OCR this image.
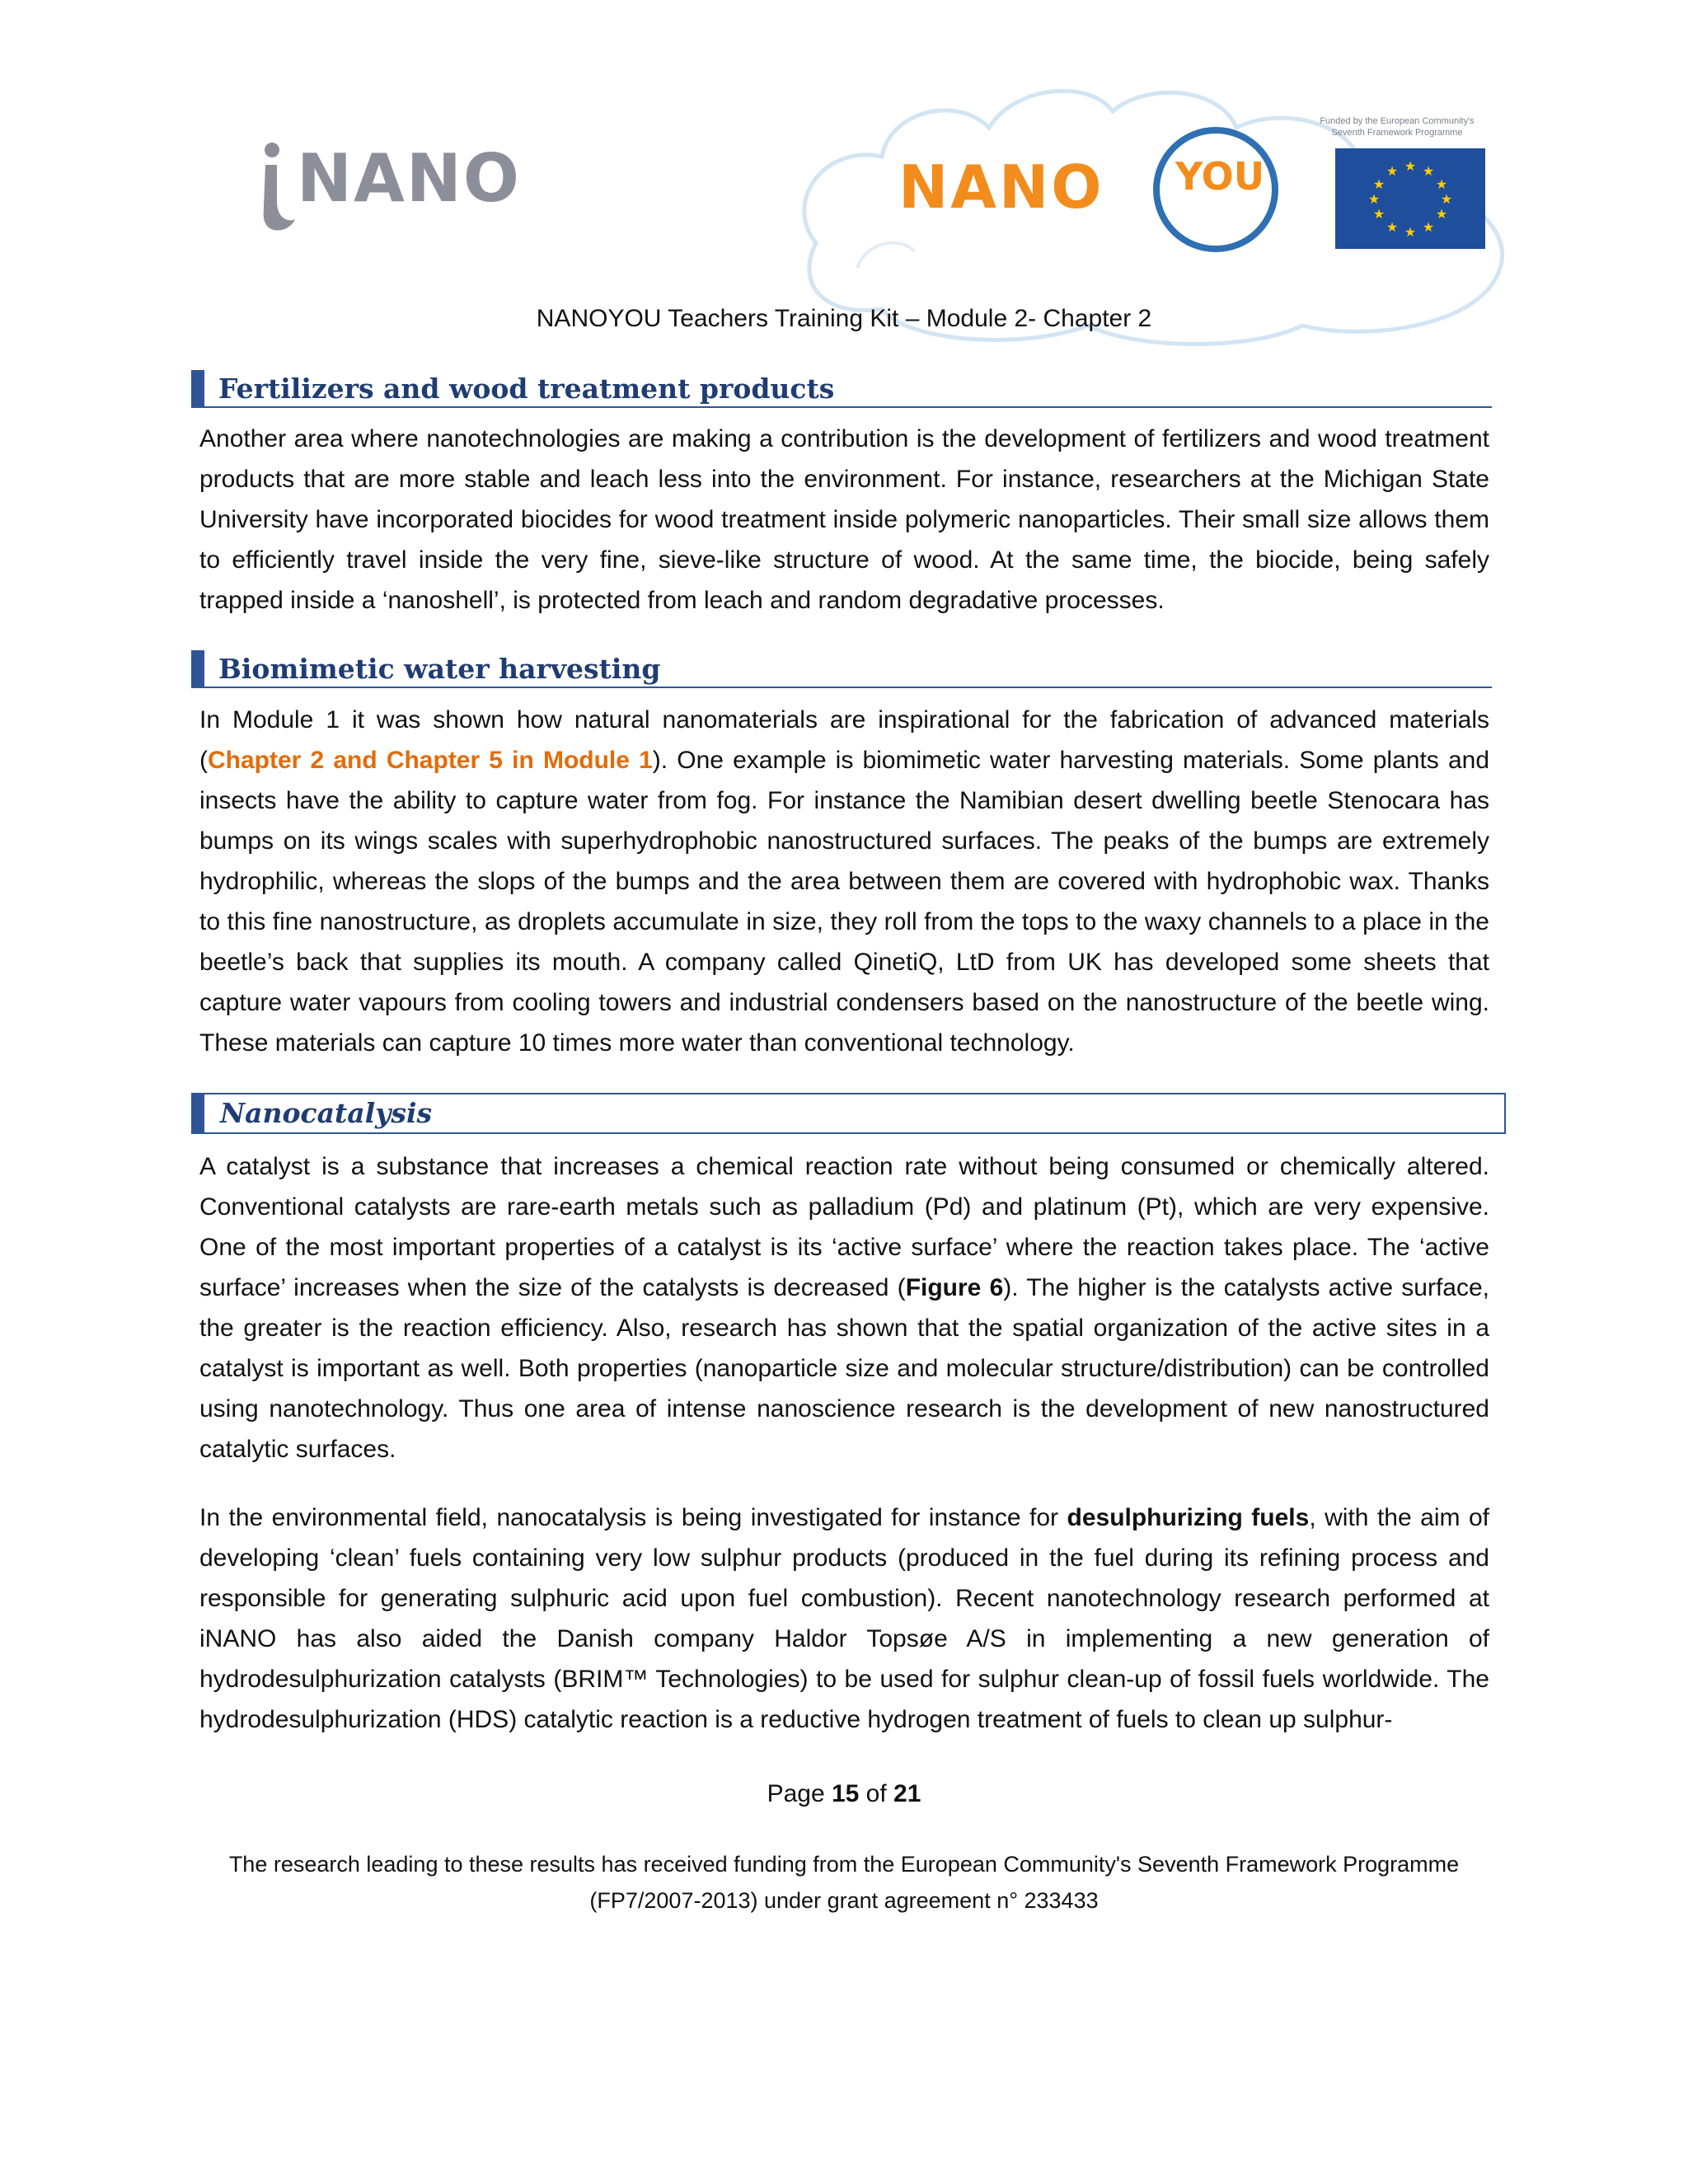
NANO	NANO YOU
Funded by the European Community's Seventh Framework Programme
★ ★
★
★
★
★
★
★
★
★
★
★
NANOYOU Teachers Training Kit – Module 2- Chapter 2
Fertilizers and wood treatment products
Another area where nanotechnologies are making a contribution is the development of fertilizers and wood treatment products that are more stable and leach less into the environment. For instance, researchers at the Michigan State University have incorporated biocides for wood treatment inside polymeric nanoparticles. Their small size allows them to efficiently travel inside the very fine, sieve-like structure of wood. At the same time, the biocide, being safely trapped inside a ‘nanoshell’, is protected from leach and random degradative processes.
Biomimetic water harvesting
In Module 1 it was shown how natural nanomaterials are inspirational for the fabrication of advanced materials (Chapter 2 and Chapter 5 in Module 1). One example is biomimetic water harvesting materials. Some plants and insects have the ability to capture water from fog. For instance the Namibian desert dwelling beetle Stenocara has bumps on its wings scales with superhydrophobic nanostructured surfaces. The peaks of the bumps are extremely hydrophilic, whereas the slops of the bumps and the area between them are covered with hydrophobic wax. Thanks to this fine nanostructure, as droplets accumulate in size, they roll from the tops to the waxy channels to a place in the beetle’s back that supplies its mouth. A company called QinetiQ, LtD from UK has developed some sheets that capture water vapours from cooling towers and industrial condensers based on the nanostructure of the beetle wing. These materials can capture 10 times more water than conventional technology.
Nanocatalysis
A catalyst is a substance that increases a chemical reaction rate without being consumed or chemically altered. Conventional catalysts are rare-earth metals such as palladium (Pd) and platinum (Pt), which are very expensive. One of the most important properties of a catalyst is its ‘active surface’ where the reaction takes place. The ‘active surface’ increases when the size of the catalysts is decreased (Figure 6). The higher is the catalysts active surface, the greater is the reaction efficiency. Also, research has shown that the spatial organization of the active sites in a catalyst is important as well. Both properties (nanoparticle size and molecular structure/distribution) can be controlled using nanotechnology. Thus one area of intense nanoscience research is the development of new nanostructured catalytic surfaces.
In the environmental field, nanocatalysis is being investigated for instance for desulphurizing fuels, with the aim of developing ‘clean’ fuels containing very low sulphur products (produced in the fuel during its refining process and responsible for generating sulphuric acid upon fuel combustion). Recent nanotechnology research performed at iNANO has also aided the Danish company Haldor Topsøe A/S in implementing a new generation of hydrodesulphurization catalysts (BRIM™ Technologies) to be used for sulphur clean-up of fossil fuels worldwide. The hydrodesulphurization (HDS) catalytic reaction is a reductive hydrogen treatment of fuels to clean up sulphur-
Page 15 of 21
The research leading to these results has received funding from the European Community's Seventh Framework Programme
(FP7/2007-2013) under grant agreement n° 233433
